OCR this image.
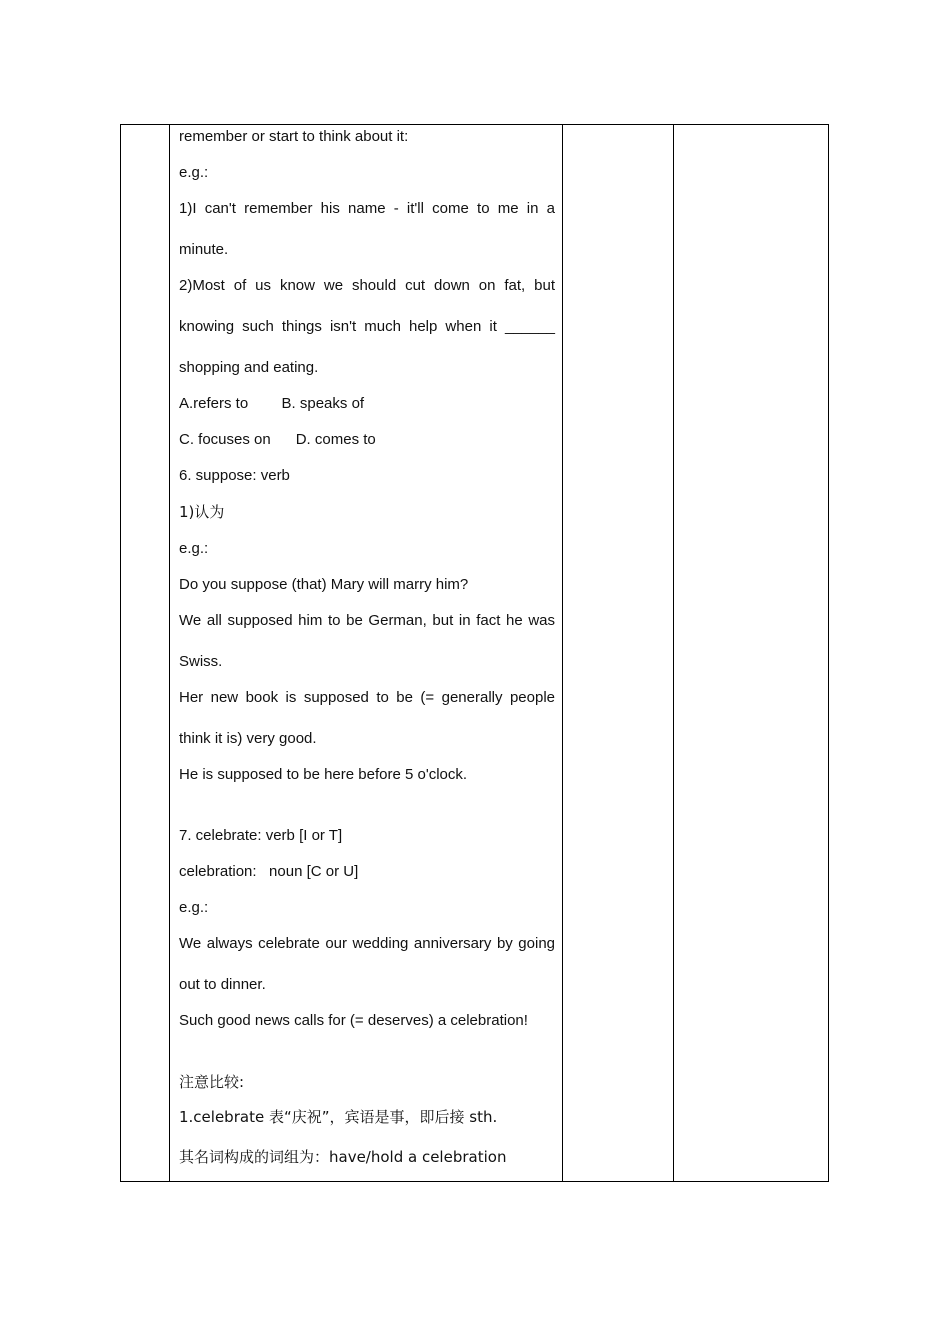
remember or start to think about it:
e.g.:
1)I can't remember his name - it'll come to me in a
minute.
2)Most of us know we should cut down on fat, but
knowing such things isn't much help when it ______
shopping and eating.
A.refers to        B. speaks of
C. focuses on      D. comes to
6. suppose: verb
1)认为
e.g.:
Do you suppose (that) Mary will marry him?
We all supposed him to be German, but in fact he was
Swiss.
Her new book is supposed to be (= generally people
think it is) very good.
He is supposed to be here before 5 o'clock.
7. celebrate: verb [I or T]
celebration:   noun [C or U]
e.g.:
We always celebrate our wedding anniversary by going
out to dinner.
Such good news calls for (= deserves) a celebration!
注意比较:
1.celebrate 表“庆祝”，宾语是事，即后接 sth.
其名词构成的词组为：have/hold a celebration
